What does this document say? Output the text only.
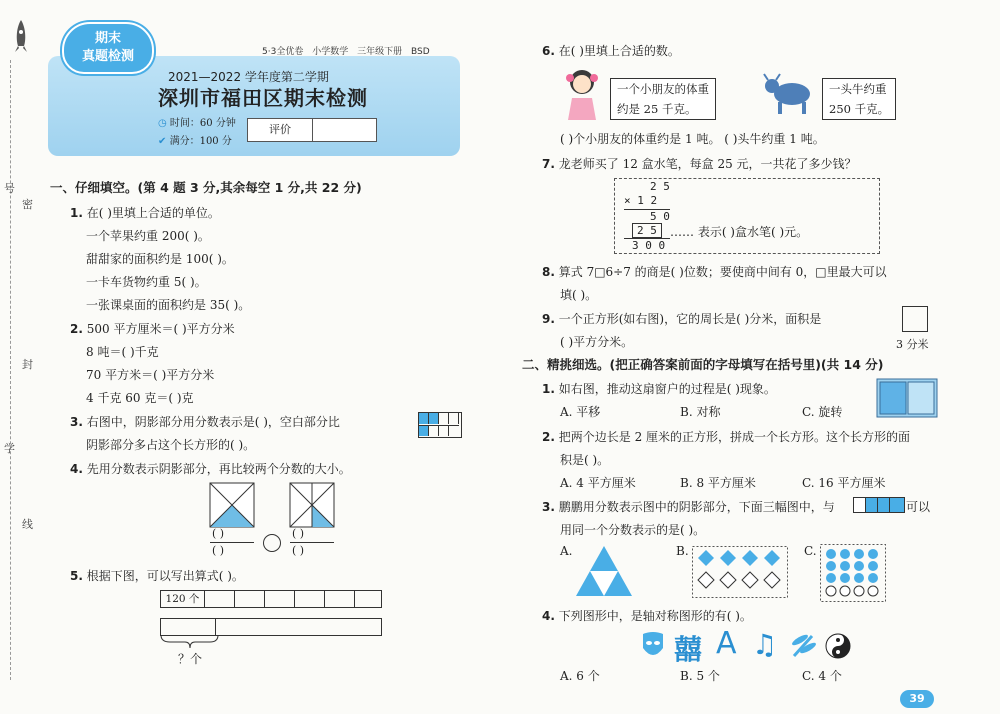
密
封
线
号
学
期末
真题检测	5·3全优卷 小学数学 三年级下册 BSD
2021—2022 学年度第二学期
深圳市福田区期末检测
◷ 时间：60 分钟
✔ 满分：100 分
评价
一、仔细填空。(第 4 题 3 分,其余每空 1 分,共 22 分)
1. 在( )里填上合适的单位。
一个苹果约重 200( )。
甜甜家的面积约是 100( )。
一卡车货物约重 5( )。
一张课桌面的面积约是 35( )。
2. 500 平方厘米＝( )平方分米
8 吨＝( )千克
70 平方米＝( )平方分米
4 千克 60 克＝( )克
3. 右图中，阴影部分用分数表示是( )，空白部分比
阴影部分多占这个长方形的( )。
4. 先用分数表示阴影部分，再比较两个分数的大小。
( )
( )
( )
( )
5. 根据下图，可以写出算式( )。
120 个
？个
6. 在( )里填上合适的数。
一个小朋友的体重
约是 25 千克。
一头牛约重
250 千克。
( )个小朋友的体重约是 1 吨。 ( )头牛约重 1 吨。
7. 龙老师买了 12 盒水笔，每盒 25 元，一共花了多少钱？
2 5
× 1 2
5 0
2 5
3 0 0
…… 表示( )盒水笔( )元。
8. 算式 7□6÷7 的商是( )位数；要使商中间有 0，□里最大可以
填( )。
9. 一个正方形(如右图)，它的周长是( )分米，面积是
( )平方分米。	3 分米
二、精挑细选。(把正确答案前面的字母填写在括号里)(共 14 分)
1. 如右图，推动这扇窗户的过程是( )现象。
A. 平移	B. 对称	C. 旋转
2. 把两个边长是 2 厘米的正方形，拼成一个长方形。这个长方形的面
积是( )。
A. 4 平方厘米	B. 8 平方厘米	C. 16 平方厘米
3. 鹏鹏用分数表示图中的阴影部分，下面三幅图中，与	可以
用同一个分数表示的是( )。
A.	B.	C.
4. 下列图形中，是轴对称图形的有( )。
囍 A ♫
A. 6 个	B. 5 个	C. 4 个
39
